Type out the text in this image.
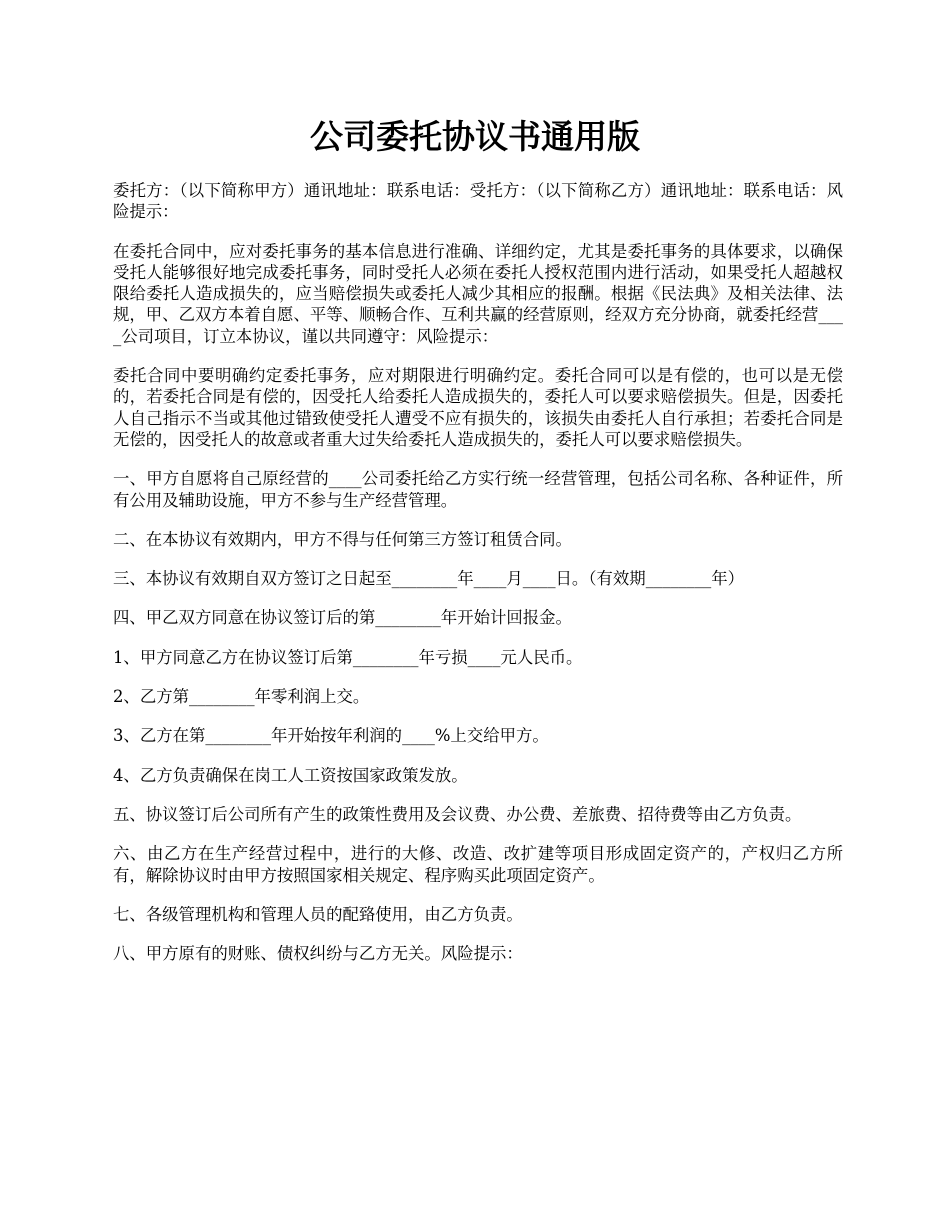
公司委托协议书通用版

委托方：（以下简称甲方）通讯地址：联系电话：受托方：（以下简称乙方）通讯地址：联系电话：风险提示：

在委托合同中，应对委托事务的基本信息进行准确、详细约定，尤其是委托事务的具体要求，以确保受托人能够很好地完成委托事务，同时受托人必须在委托人授权范围内进行活动，如果受托人超越权限给委托人造成损失的，应当赔偿损失或委托人减少其相应的报酬。根据《民法典》及相关法律、法规，甲、乙双方本着自愿、平等、顺畅合作、互利共赢的经营原则，经双方充分协商，就委托经营____公司项目，订立本协议，谨以共同遵守：风险提示：

委托合同中要明确约定委托事务，应对期限进行明确约定。委托合同可以是有偿的，也可以是无偿的，若委托合同是有偿的，因受托人给委托人造成损失的，委托人可以要求赔偿损失。但是，因委托人自己指示不当或其他过错致使受托人遭受不应有损失的，该损失由委托人自行承担；若委托合同是无偿的，因受托人的故意或者重大过失给委托人造成损失的，委托人可以要求赔偿损失。

一、甲方自愿将自己原经营的____公司委托给乙方实行统一经营管理，包括公司名称、各种证件，所有公用及辅助设施，甲方不参与生产经营管理。

二、在本协议有效期内，甲方不得与任何第三方签订租赁合同。

三、本协议有效期自双方签订之日起至________年____月____日。（有效期________年）

四、甲乙双方同意在协议签订后的第________年开始计回报金。

1、甲方同意乙方在协议签订后第________年亏损____元人民币。

2、乙方第________年零利润上交。

3、乙方在第________年开始按年利润的____%上交给甲方。

4、乙方负责确保在岗工人工资按国家政策发放。

五、协议签订后公司所有产生的政策性费用及会议费、办公费、差旅费、招待费等由乙方负责。

六、由乙方在生产经营过程中，进行的大修、改造、改扩建等项目形成固定资产的，产权归乙方所有，解除协议时由甲方按照国家相关规定、程序购买此项固定资产。

七、各级管理机构和管理人员的配臵使用，由乙方负责。

八、甲方原有的财账、债权纠纷与乙方无关。风险提示：
